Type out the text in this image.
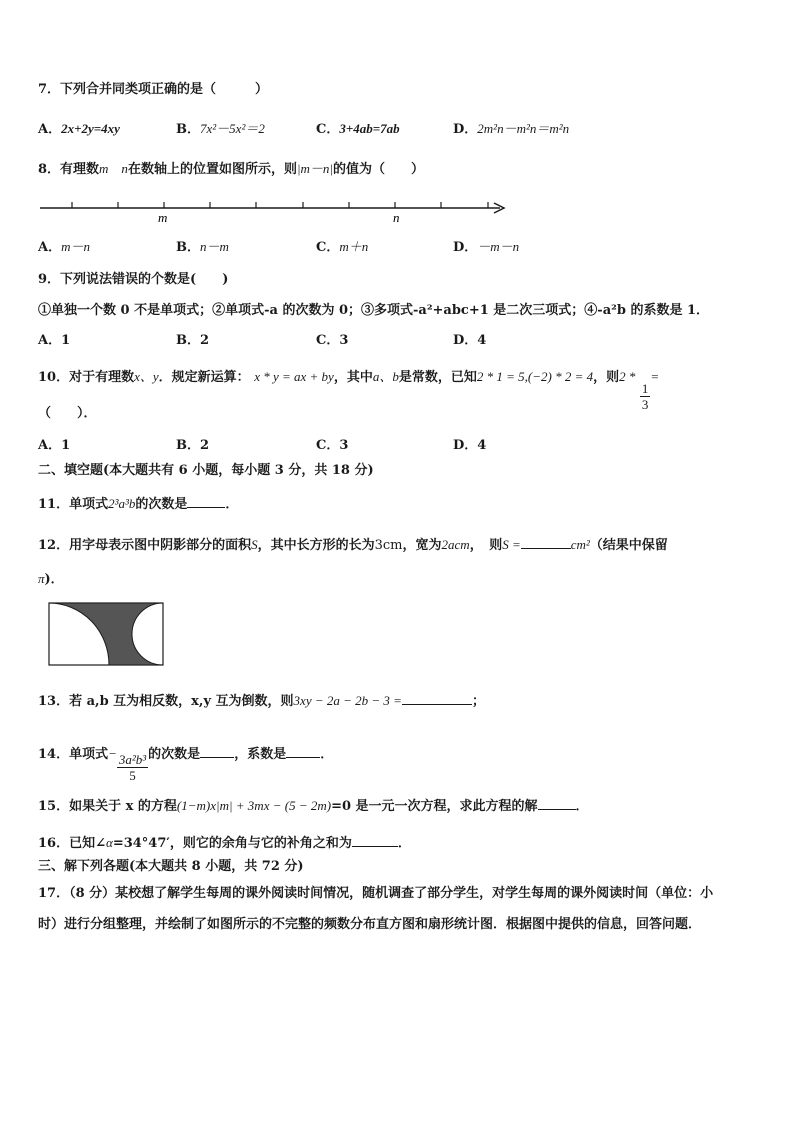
7．下列合并同类项正确的是（　　　）
A．2x+2y=4xy	B．7x²－5x²＝2	C．3+4ab=7ab	D．2m²n－m²n＝m²n
8．有理数m　n在数轴上的位置如图所示，则|m－n|的值为（　　）
m	n
A．m－n	B．n－m	C．m＋n	D．－m－n
9．下列说法错误的个数是(　　)
①单独一个数 0 不是单项式；②单项式-a 的次数为 0；③多项式-a²+abc+1 是二次三项式；④-a²b 的系数是 1．
A．1	B．2	C．3	D．4
10．对于有理数x、y．规定新运算： x * y = ax + by，其中a、b是常数，已知2 * 1 = 5,(−2) * 2 = 4，则2 *
$\frac{1}{3}$
=
（　　）．
A．1	B．2	C．3	D．4
二、填空题(本大题共有 6 小题，每小题 3 分，共 18 分)
11．单项式2³a³b的次数是	．
12．用字母表示图中阴影部分的面积S，其中长方形的长为3cm，宽为2acm，　则S =	cm²（结果中保留
π)．
13．若 a,b 互为相反数，x,y 互为倒数，则3xy − 2a − 2b − 3 =	；
14．单项式− $\frac{\text{3a²b³}}{5}$ 的次数是	，系数是	．
15．如果关于 x 的方程(1−m)x|m| + 3mx − (5 − 2m)=0 是一元一次方程，求此方程的解	．
16．已知∠α=34°47′，则它的余角与它的补角之和为	．
三、解下列各题(本大题共 8 小题，共 72 分)
17．（8 分）某校想了解学生每周的课外阅读时间情况，随机调查了部分学生，对学生每周的课外阅读时间（单位：小
时）进行分组整理，并绘制了如图所示的不完整的频数分布直方图和扇形统计图．根据图中提供的信息，回答问题．
